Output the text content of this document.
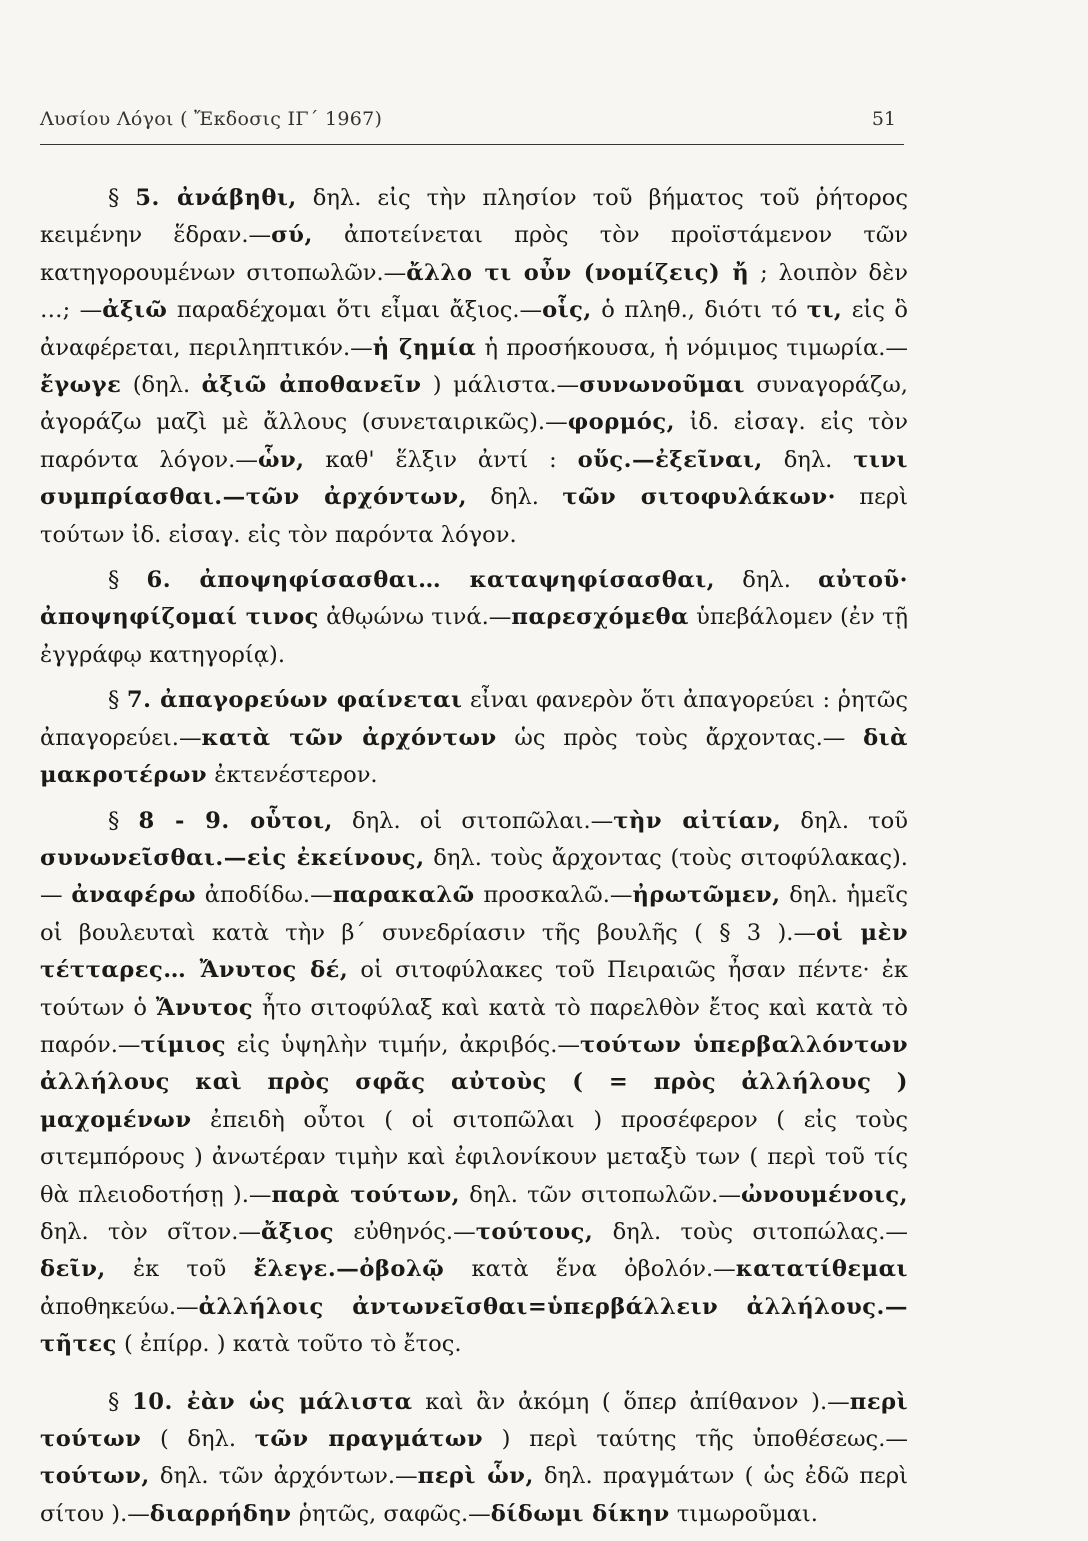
Λυσίου Λόγοι ( Ἔκδοσις ΙΓ΄ 1967)	51

§ 5. ἀνάβηθι, δηλ. εἰς τὴν πλησίον τοῦ βήματος τοῦ ῥήτορος κειμένην ἕδραν.—σύ, ἀποτείνεται πρὸς τὸν προϊστάμενον τῶν κατηγορουμένων σιτοπωλῶν.—ἄλλο τι οὖν (νομίζεις) ἤ ; λοιπὸν δὲν …; —ἀξιῶ παραδέχομαι ὅτι εἶμαι ἄξιος.—οἷς, ὁ πληθ., διότι τό τι, εἰς ὃ ἀναφέρεται, περιληπτικόν.—ἡ ζημία ἡ προσήκουσα, ἡ νόμιμος τιμωρία.—ἔγωγε (δηλ. ἀξιῶ ἀποθανεῖν ) μάλιστα.—συνωνοῦμαι συναγοράζω, ἀγοράζω μαζὶ μὲ ἄλλους (συνεταιρικῶς).—φορμός, ἰδ. εἰσαγ. εἰς τὸν παρόντα λόγον.—ὧν, καθ' ἕλξιν ἀντί : οὕς.—ἐξεῖναι, δηλ. τινι συμπρίασθαι.—τῶν ἀρχόντων, δηλ. τῶν σιτοφυλάκων· περὶ τούτων ἰδ. εἰσαγ. εἰς τὸν παρόντα λόγον.

§ 6. ἀποψηφίσασθαι… καταψηφίσασθαι, δηλ. αὐτοῦ· ἀποψηφίζομαί τινος ἀθῳώνω τινά.—παρεσχόμεθα ὑπεβάλομεν (ἐν τῇ ἐγγράφῳ κατηγορίᾳ).

§ 7. ἀπαγορεύων φαίνεται εἶναι φανερὸν ὅτι ἀπαγορεύει : ῥητῶς ἀπαγορεύει.—κατὰ τῶν ἀρχόντων ὡς πρὸς τοὺς ἄρχοντας.— διὰ μακροτέρων ἐκτενέστερον.

§ 8 - 9. οὗτοι, δηλ. οἱ σιτοπῶλαι.—τὴν αἰτίαν, δηλ. τοῦ συνωνεῖσθαι.—εἰς ἐκείνους, δηλ. τοὺς ἄρχοντας (τοὺς σιτοφύλακας).— ἀναφέρω ἀποδίδω.—παρακαλῶ προσκαλῶ.—ἠρωτῶμεν, δηλ. ἡμεῖς οἱ βουλευταὶ κατὰ τὴν β΄ συνεδρίασιν τῆς βουλῆς ( § 3 ).—οἱ μὲν τέτταρες… Ἄνυτος δέ, οἱ σιτοφύλακες τοῦ Πειραιῶς ἦσαν πέντε· ἐκ τούτων ὁ Ἄνυτος ἦτο σιτοφύλαξ καὶ κατὰ τὸ παρελθὸν ἔτος καὶ κατὰ τὸ παρόν.—τίμιος εἰς ὑψηλὴν τιμήν, ἀκριβός.—τούτων ὑπερβαλλόντων ἀλλήλους καὶ πρὸς σφᾶς αὐτοὺς ( = πρὸς ἀλλήλους ) μαχομένων ἐπειδὴ οὗτοι ( οἱ σιτοπῶλαι ) προσέφερον ( εἰς τοὺς σιτεμπόρους ) ἀνωτέραν τιμὴν καὶ ἐφιλονίκουν μεταξὺ των ( περὶ τοῦ τίς θὰ πλειοδοτήσῃ ).—παρὰ τούτων, δηλ. τῶν σιτοπωλῶν.—ὠνουμένοις, δηλ. τὸν σῖτον.—ἄξιος εὐθηνός.—τούτους, δηλ. τοὺς σιτοπώλας.— δεῖν, ἐκ τοῦ ἔλεγε.—ὀβολῷ κατὰ ἕνα ὀβολόν.—κατατίθεμαι ἀποθηκεύω.—ἀλλήλοις ἀντωνεῖσθαι=ὑπερβάλλειν ἀλλήλους.—τῆτες ( ἐπίρρ. ) κατὰ τοῦτο τὸ ἔτος.

§ 10. ἐὰν ὡς μάλιστα καὶ ἂν ἀκόμη ( ὅπερ ἀπίθανον ).—περὶ τούτων ( δηλ. τῶν πραγμάτων ) περὶ ταύτης τῆς ὑποθέσεως.—τούτων, δηλ. τῶν ἀρχόντων.—περὶ ὧν, δηλ. πραγμάτων ( ὡς ἐδῶ περὶ σίτου ).—διαρρήδην ῥητῶς, σαφῶς.—δίδωμι δίκην τιμωροῦμαι.
